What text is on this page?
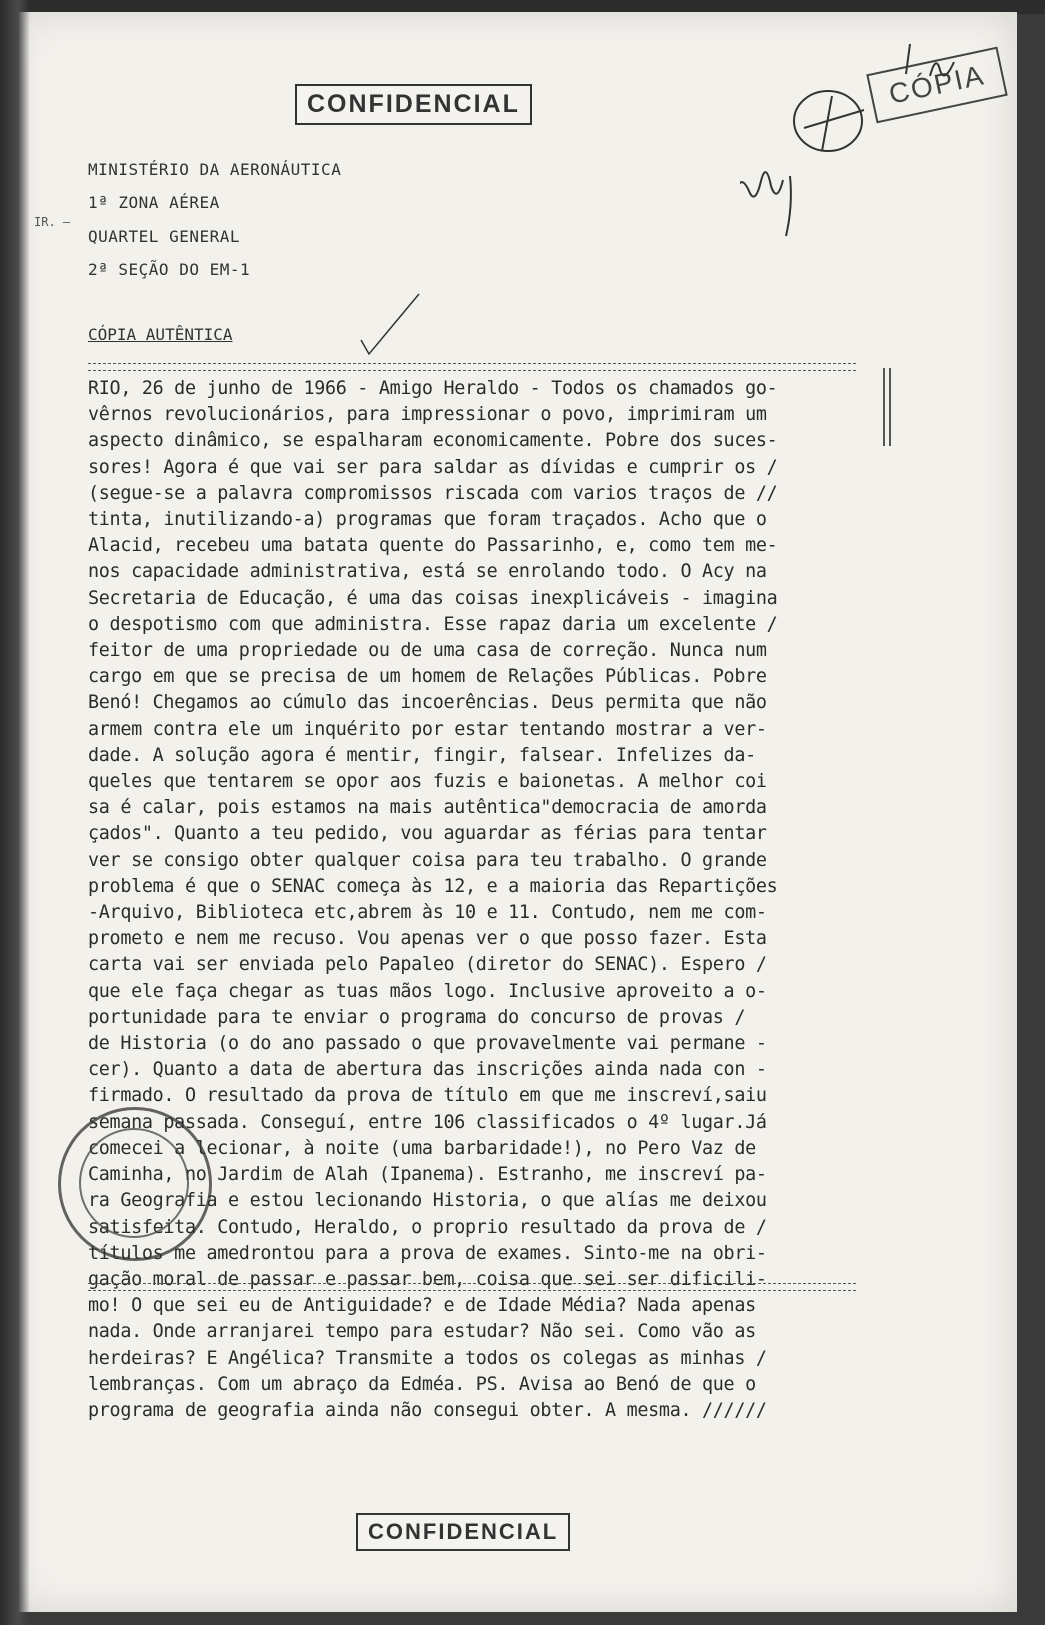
CONFIDENCIAL	CÓPIA
IR. —
MINISTÉRIO DA AERONÁUTICA
1ª ZONA AÉREA
QUARTEL GENERAL
2ª SEÇÃO DO EM-1
CÓPIA AUTÊNTICA
RIO, 26 de junho de 1966 - Amigo Heraldo - Todos os chamados go-
vêrnos revolucionários, para impressionar o povo, imprimiram um
aspecto dinâmico, se espalharam economicamente. Pobre dos suces-
sores! Agora é que vai ser para saldar as dívidas e cumprir os /
(segue-se a palavra compromissos riscada com varios traços de //
tinta, inutilizando-a) programas que foram traçados. Acho que o
Alacid, recebeu uma batata quente do Passarinho, e, como tem me-
nos capacidade administrativa, está se enrolando todo. O Acy na
Secretaria de Educação, é uma das coisas inexplicáveis - imagina
o despotismo com que administra. Esse rapaz daria um excelente /
feitor de uma propriedade ou de uma casa de correção. Nunca num
cargo em que se precisa de um homem de Relações Públicas. Pobre
Benó! Chegamos ao cúmulo das incoerências. Deus permita que não
armem contra ele um inquérito por estar tentando mostrar a ver-
dade. A solução agora é mentir, fingir, falsear. Infelizes da-
queles que tentarem se opor aos fuzis e baionetas. A melhor coi
sa é calar, pois estamos na mais autêntica"democracia de amorda
çados". Quanto a teu pedido, vou aguardar as férias para tentar
ver se consigo obter qualquer coisa para teu trabalho. O grande
problema é que o SENAC começa às 12, e a maioria das Repartições
-Arquivo, Biblioteca etc,abrem às 10 e 11. Contudo, nem me com-
prometo e nem me recuso. Vou apenas ver o que posso fazer. Esta
carta vai ser enviada pelo Papaleo (diretor do SENAC). Espero /
que ele faça chegar as tuas mãos logo. Inclusive aproveito a o-
portunidade para te enviar o programa do concurso de provas /
de Historia (o do ano passado o que provavelmente vai permane -
cer). Quanto a data de abertura das inscrições ainda nada con -
firmado. O resultado da prova de título em que me inscreví,saiu
semana passada. Conseguí, entre 106 classificados o 4º lugar.Já
comecei a lecionar, à noite (uma barbaridade!), no Pero Vaz de
Caminha, no Jardim de Alah (Ipanema). Estranho, me inscreví pa-
ra Geografia e estou lecionando Historia, o que alías me deixou
satisfeita. Contudo, Heraldo, o proprio resultado da prova de /
títulos me amedrontou para a prova de exames. Sinto-me na obri-
gação moral de passar e passar bem, coisa que sei ser dificili-
mo! O que sei eu de Antiguidade? e de Idade Média? Nada apenas
nada. Onde arranjarei tempo para estudar? Não sei. Como vão as
herdeiras? E Angélica? Transmite a todos os colegas as minhas /
lembranças. Com um abraço da Edméa. PS. Avisa ao Benó de que o
programa de geografia ainda não consegui obter. A mesma. //////
CONFIDENCIAL
